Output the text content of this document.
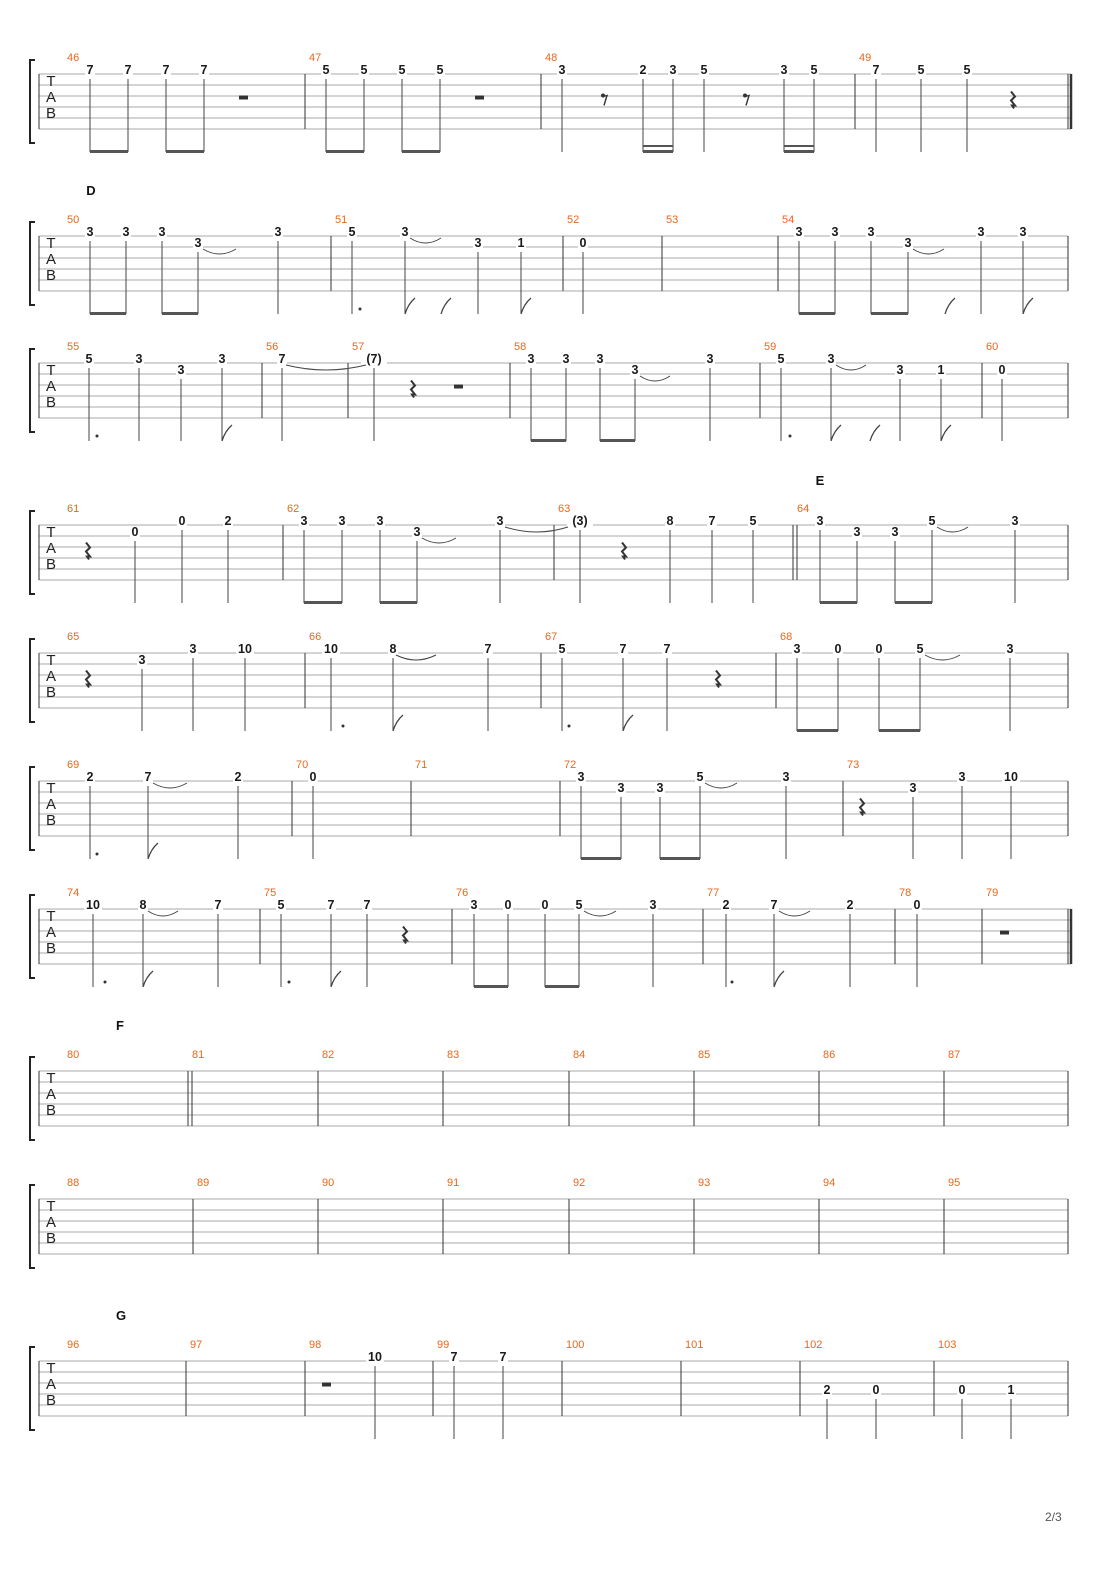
T
A
B
46
7 7 7 7
47
5 5 5 5
48
3	2 3 5	3 5
49
7	5	5
T
A
B
D
50
3 3 3
3
3
51
5	3
3	1
52
0
53	54
3 3 3
3
3	3
T
A
B
55
5	3
3
3
56
7
57
(7)
58
3 3 3
3
3
59
5	3
3	1
60
0
T
A
B
E
61
0
0	2
62
3 3 3
3
3
63
(3)	8	7	5
64
3
3 3
5	3
T
A
B
65
3
3	10
66
10	8	7
67
5	7	7
68
3	0	0	5	3
T
A
B
69
2	7	2
70
0
71	72
3
3	3
5	3
73
3
3	10
T
A
B
74
10	8	7
75
5	7 7
76
3 0 0 5	3
77
2	7	2
78
0
79
T
A
B
F
80	81	82	83	84	85	86	87
T
A
B
88	89	90	91	92	93	94	95
T
A
B
G
96	97	98
10
99
7	7
100	101	102
2	0
103
0	1
2/3
